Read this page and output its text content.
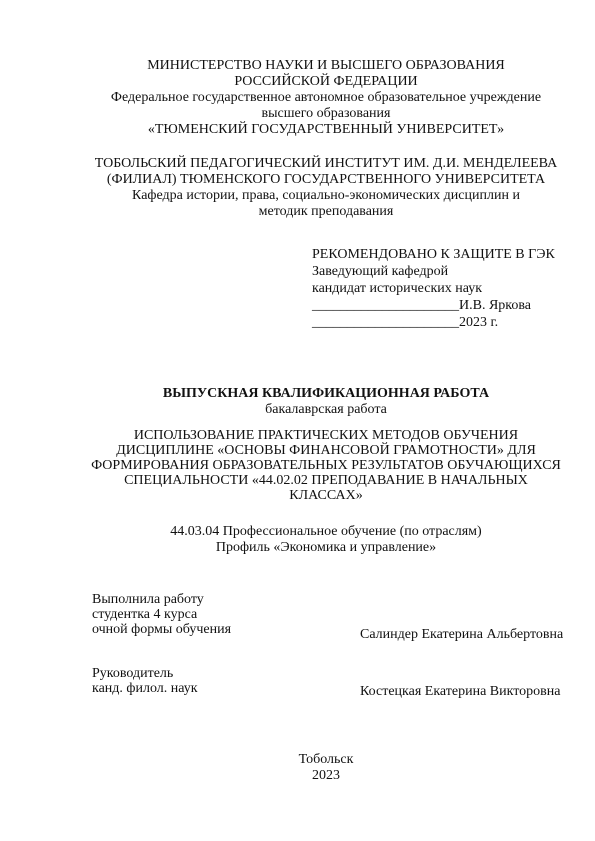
МИНИСТЕРСТВО НАУКИ И ВЫСШЕГО ОБРАЗОВАНИЯ
РОССИЙСКОЙ ФЕДЕРАЦИИ
Федеральное государственное автономное образовательное учреждение
высшего образования
«ТЮМЕНСКИЙ ГОСУДАРСТВЕННЫЙ УНИВЕРСИТЕТ»
ТОБОЛЬСКИЙ ПЕДАГОГИЧЕСКИЙ ИНСТИТУТ ИМ. Д.И. МЕНДЕЛЕЕВА
(ФИЛИАЛ) ТЮМЕНСКОГО ГОСУДАРСТВЕННОГО УНИВЕРСИТЕТА
Кафедра истории, права, социально-экономических дисциплин и
методик преподавания
РЕКОМЕНДОВАНО К ЗАЩИТЕ В ГЭК
Заведующий кафедрой
кандидат исторических наук
_____________________И.В. Яркова
_____________________2023 г.
ВЫПУСКНАЯ КВАЛИФИКАЦИОННАЯ РАБОТА
бакалаврская работа
ИСПОЛЬЗОВАНИЕ ПРАКТИЧЕСКИХ МЕТОДОВ ОБУЧЕНИЯ
ДИСЦИПЛИНЕ «ОСНОВЫ ФИНАНСОВОЙ ГРАМОТНОСТИ» ДЛЯ
ФОРМИРОВАНИЯ ОБРАЗОВАТЕЛЬНЫХ РЕЗУЛЬТАТОВ ОБУЧАЮЩИХСЯ
СПЕЦИАЛЬНОСТИ «44.02.02 ПРЕПОДАВАНИЕ В НАЧАЛЬНЫХ
КЛАССАХ»
44.03.04 Профессиональное обучение (по отраслям)
Профиль «Экономика и управление»
Выполнила работу
студентка 4 курса
очной формы обучения	Салиндер Екатерина Альбертовна
Руководитель
канд. филол. наук	Костецкая Екатерина Викторовна
Тобольск
2023
